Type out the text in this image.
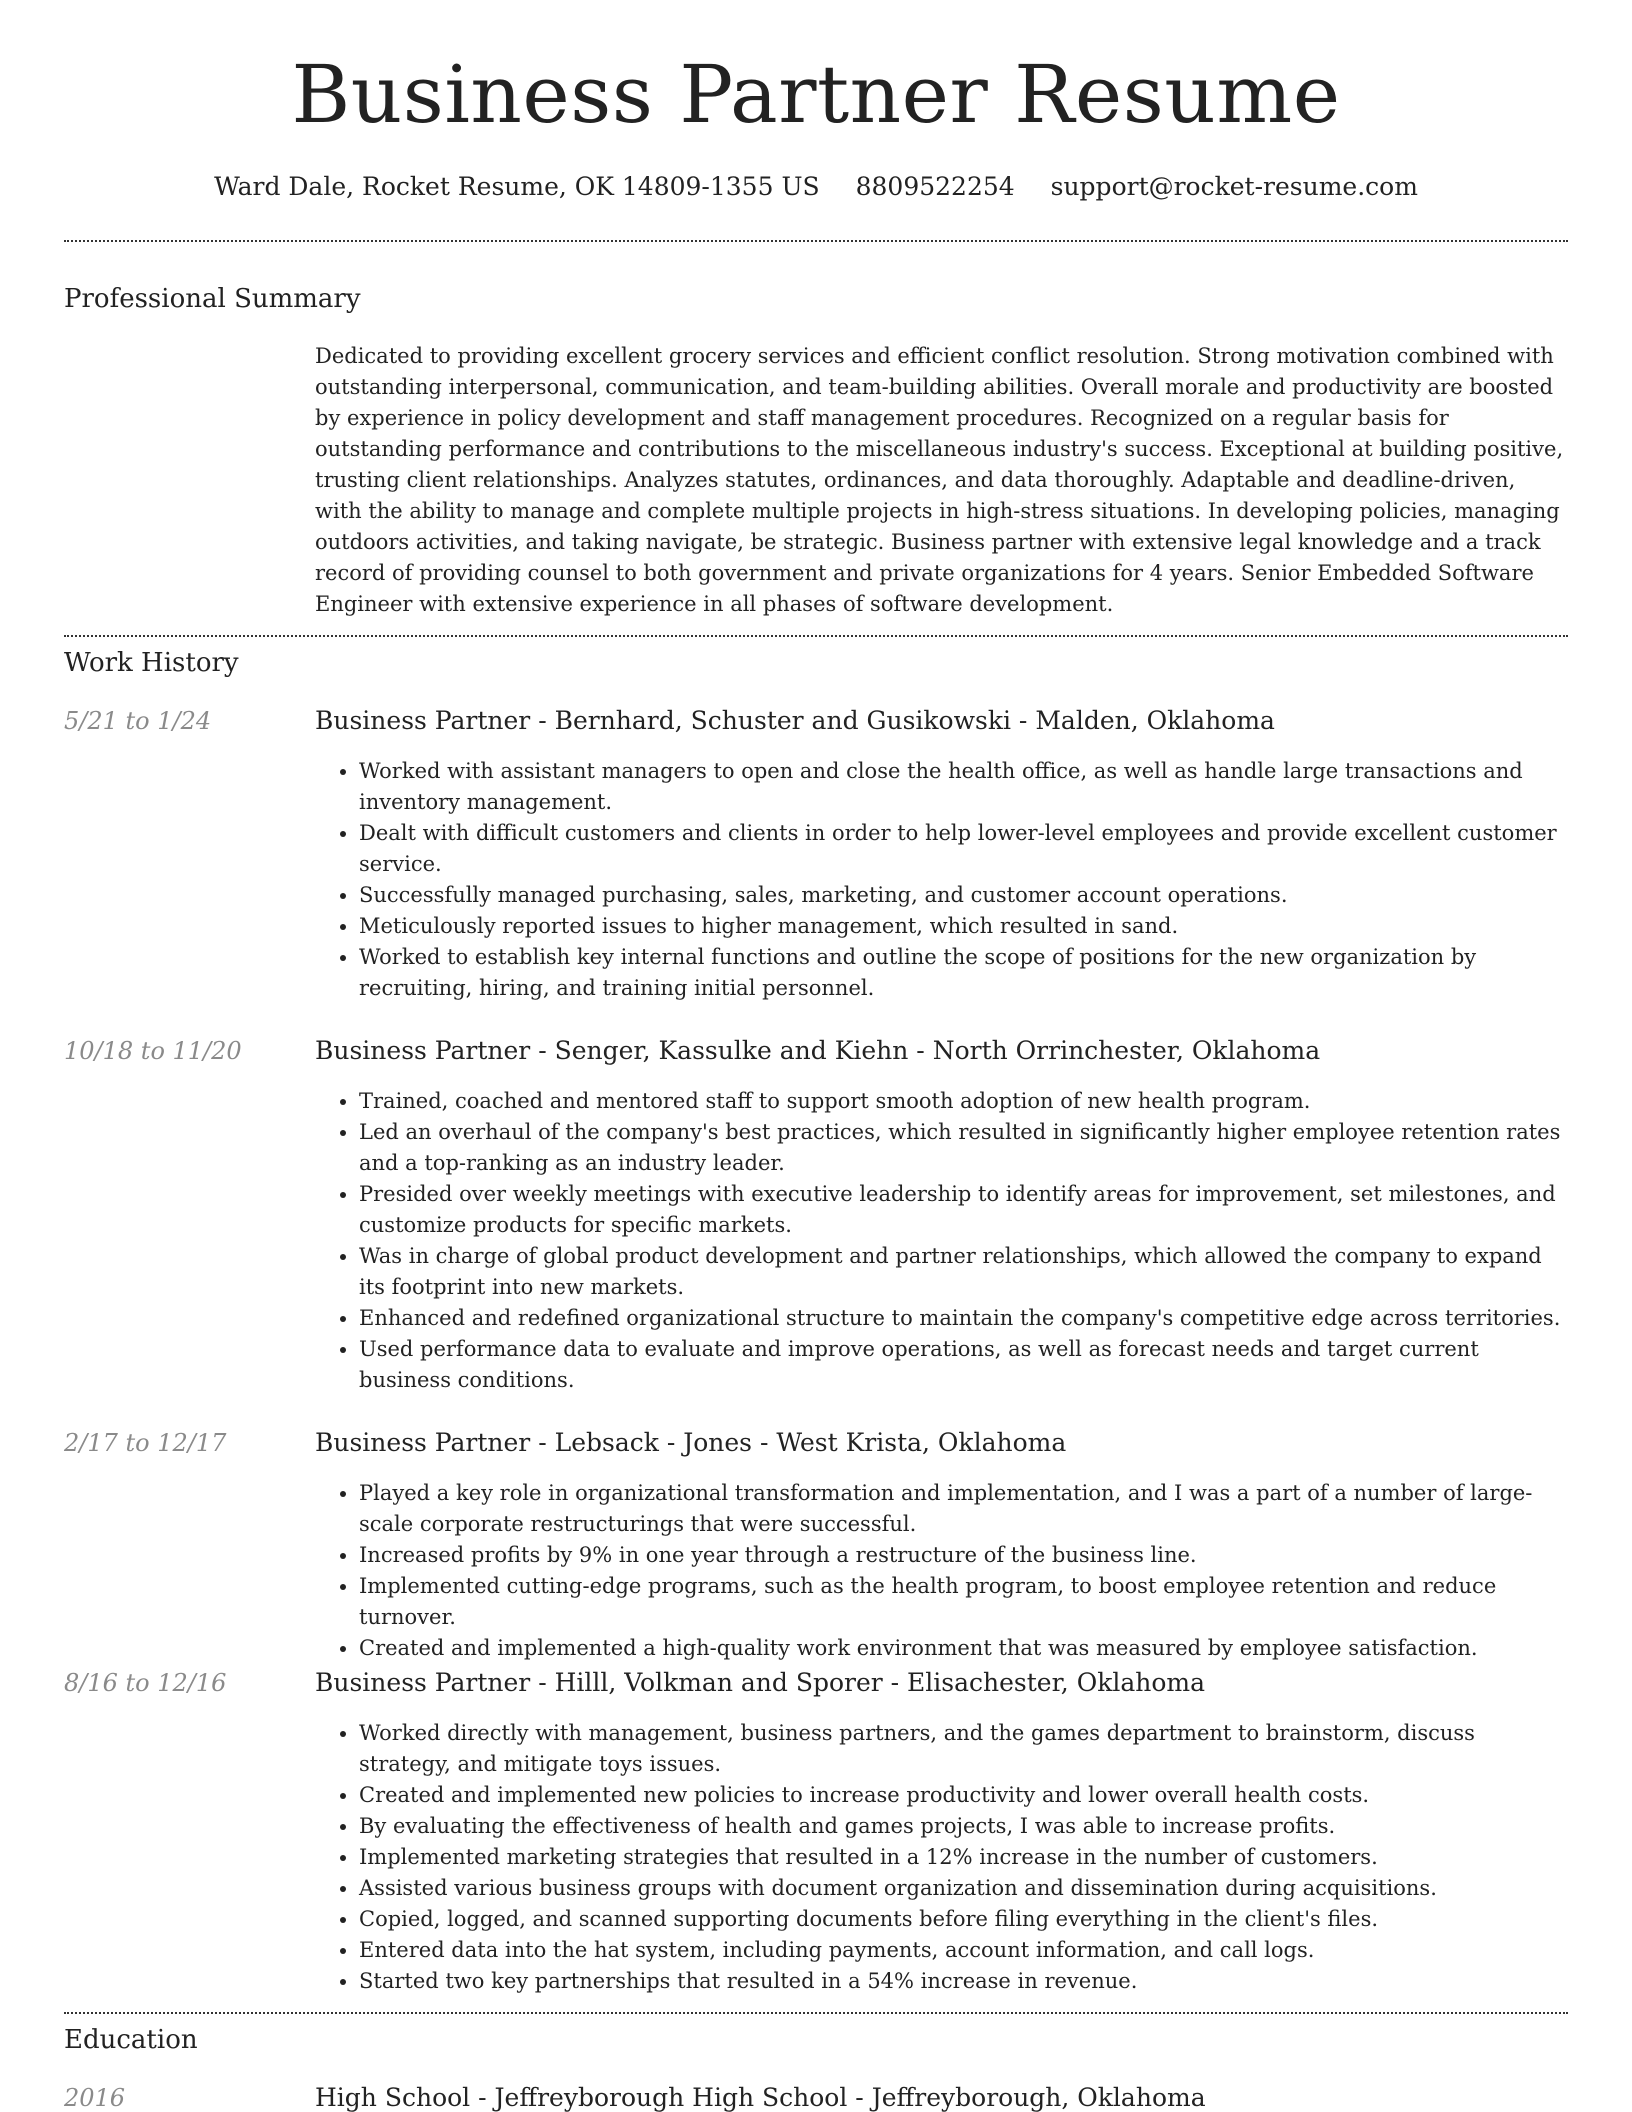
Business Partner Resume
Ward Dale, Rocket Resume, OK 14809-1355 US 8809522254 support@rocket-resume.com
Professional Summary

Dedicated to providing excellent grocery services and efficient conflict resolution. Strong motivation combined with outstanding interpersonal, communication, and team-building abilities. Overall morale and productivity are boosted by experience in policy development and staff management procedures. Recognized on a regular basis for outstanding performance and contributions to the miscellaneous industry's success. Exceptional at building positive, trusting client relationships. Analyzes statutes, ordinances, and data thoroughly. Adaptable and deadline-driven, with the ability to manage and complete multiple projects in high-stress situations. In developing policies, managing outdoors activities, and taking navigate, be strategic. Business partner with extensive legal knowledge and a track record of providing counsel to both government and private organizations for 4 years. Senior Embedded Software Engineer with extensive experience in all phases of software development.

Work History
5/21 to 1/24	Business Partner - Bernhard, Schuster and Gusikowski - Malden, Oklahoma
• Worked with assistant managers to open and close the health office, as well as handle large transactions and inventory management.
• Dealt with difficult customers and clients in order to help lower-level employees and provide excellent customer service.
• Successfully managed purchasing, sales, marketing, and customer account operations.
• Meticulously reported issues to higher management, which resulted in sand.
• Worked to establish key internal functions and outline the scope of positions for the new organization by recruiting, hiring, and training initial personnel.
10/18 to 11/20	Business Partner - Senger, Kassulke and Kiehn - North Orrinchester, Oklahoma
• Trained, coached and mentored staff to support smooth adoption of new health program.
• Led an overhaul of the company's best practices, which resulted in significantly higher employee retention rates and a top-ranking as an industry leader.
• Presided over weekly meetings with executive leadership to identify areas for improvement, set milestones, and customize products for specific markets.
• Was in charge of global product development and partner relationships, which allowed the company to expand its footprint into new markets.
• Enhanced and redefined organizational structure to maintain the company's competitive edge across territories.
• Used performance data to evaluate and improve operations, as well as forecast needs and target current business conditions.
2/17 to 12/17	Business Partner - Lebsack - Jones - West Krista, Oklahoma
• Played a key role in organizational transformation and implementation, and I was a part of a number of large-scale corporate restructurings that were successful.
• Increased profits by 9% in one year through a restructure of the business line.
• Implemented cutting-edge programs, such as the health program, to boost employee retention and reduce turnover.
• Created and implemented a high-quality work environment that was measured by employee satisfaction.
8/16 to 12/16	Business Partner - Hilll, Volkman and Sporer - Elisachester, Oklahoma
• Worked directly with management, business partners, and the games department to brainstorm, discuss strategy, and mitigate toys issues.
• Created and implemented new policies to increase productivity and lower overall health costs.
• By evaluating the effectiveness of health and games projects, I was able to increase profits.
• Implemented marketing strategies that resulted in a 12% increase in the number of customers.
• Assisted various business groups with document organization and dissemination during acquisitions.
• Copied, logged, and scanned supporting documents before filing everything in the client's files.
• Entered data into the hat system, including payments, account information, and call logs.
• Started two key partnerships that resulted in a 54% increase in revenue.
Education
2016	High School - Jeffreyborough High School - Jeffreyborough, Oklahoma
